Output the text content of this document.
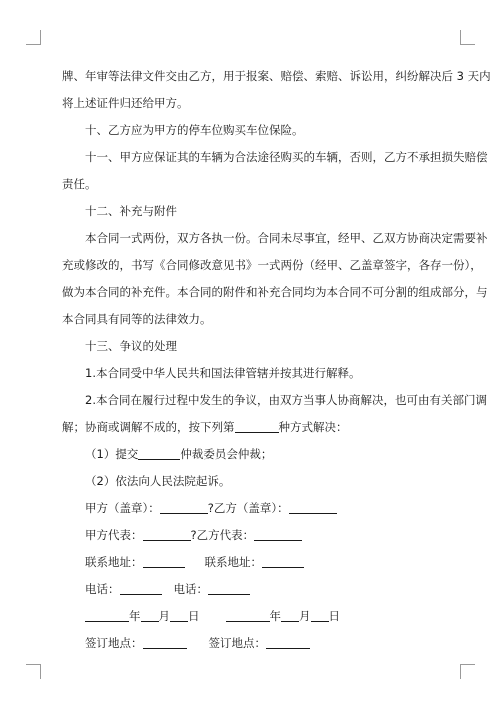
牌、年审等法律文件交由乙方，用于报案、赔偿、索赔、诉讼用，纠纷解决后 3 天内
将上述证件归还给甲方。
十、乙方应为甲方的停车位购买车位保险。
十一、甲方应保证其的车辆为合法途径购买的车辆，否则，乙方不承担损失赔偿
责任。
十二、补充与附件
本合同一式两份，双方各执一份。合同未尽事宜，经甲、乙双方协商决定需要补
充或修改的，书写《合同修改意见书》一式两份（经甲、乙盖章签字，各存一份），
做为本合同的补充件。本合同的附件和补充合同均为本合同不可分割的组成部分，与
本合同具有同等的法律效力。
十三、争议的处理
1.本合同受中华人民共和国法律管辖并按其进行解释。
2.本合同在履行过程中发生的争议，由双方当事人协商解决，也可由有关部门调
解；协商或调解不成的，按下列第	种方式解决：
（1）提交	仲裁委员会仲裁；
（2）依法向人民法院起诉。
甲方（盖章）：	?乙方（盖章）：
甲方代表：	?乙方代表：
联系地址：	联系地址：
电话：	电话：
年 月 日	年 月 日
签订地点：	签订地点：
